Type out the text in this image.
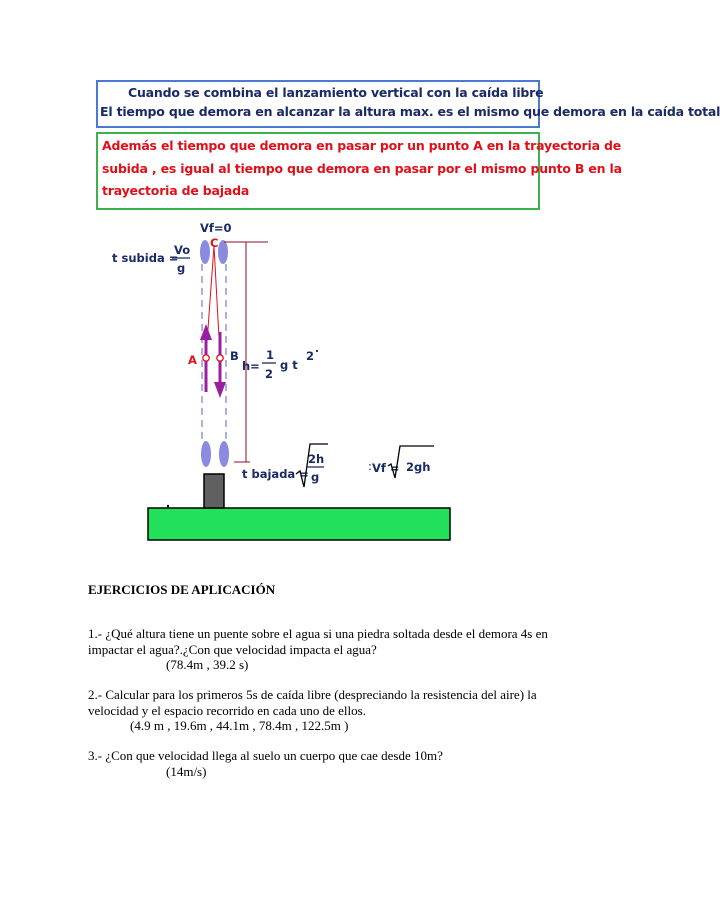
Cuando se combina el lanzamiento vertical con la caída libre
El tiempo que demora en alcanzar la altura max. es el mismo que demora en la caída total
Además el tiempo que demora en pasar por un punto A en la trayectoria de
subida , es igual al tiempo que demora en pasar por el mismo punto B en la
trayectoria de bajada
Vf=0
C
A	B
t subida =
Vo
g
h=
1
2
g t
2
t bajada =
2h
g
: Vf = 2gh
EJERCICIOS DE APLICACIÓN
1.- ¿Qué altura tiene un puente sobre el agua si una piedra soltada desde el demora 4s en
impactar el agua?.¿Con que velocidad impacta el agua?
(78.4m , 39.2 s)
2.- Calcular para los primeros 5s de caída libre (despreciando la resistencia del aire) la
velocidad y el espacio recorrido en cada uno de ellos.
(4.9 m , 19.6m , 44.1m , 78.4m , 122.5m )
3.- ¿Con que velocidad llega al suelo un cuerpo que cae desde 10m?
(14m/s)
